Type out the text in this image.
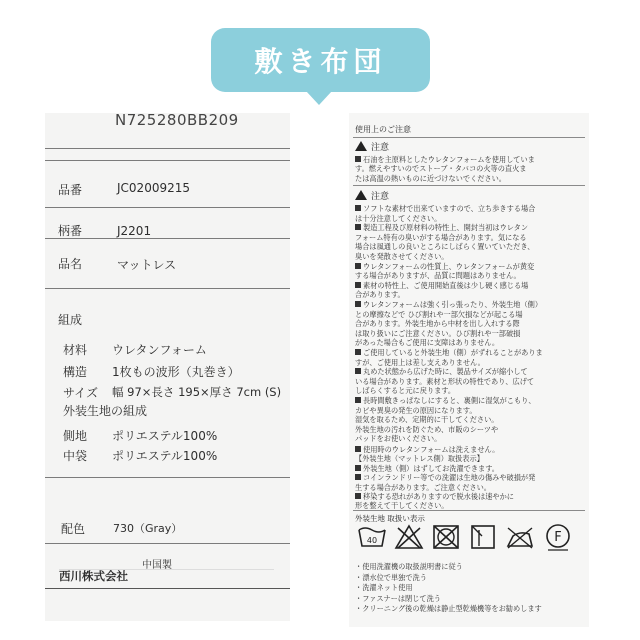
敷き布団
N725280BB209
品番	JC02009215
柄番	J2201
品名	マットレス
組成
材料 ウレタンフォーム
構造 1枚もの波形（丸巻き）
サイズ 幅 97×長さ 195×厚さ 7cm (S)
外装生地の組成
側地 ポリエステル100%
中袋 ポリエステル100%
配色	730（Gray）
中国製
西川株式会社
使用上のご注意
注意
石油を主原料としたウレタンフォームを使用していま
す。燃えやすいのでストーブ・タバコの火等の直火ま
たは高温の熱いものに近づけないでください。
注意
ソフトな素材で出来ていますので、立ち歩きする場合
は十分注意してください。
製造工程及び原材料の特性上、開封当初はウレタン
フォーム特有の臭いがする場合があります。気になる
場合は風通しの良いところにしばらく置いていただき、
臭いを発散させてください。
ウレタンフォームの性質上、ウレタンフォームが黄変
する場合がありますが、品質に問題はありません。
素材の特性上、ご使用開始直後は少し硬く感じる場
合があります。
ウレタンフォームは強く引っ張ったり、外装生地（側）
との摩擦などで ひび割れや一部欠損などが起こる場
合があります。外装生地から中材を出し入れする際
は取り扱いにご注意ください。ひび割れや一部破損
があった場合もご使用に支障はありません。
ご使用していると外装生地（側）がずれることがありま
すが、ご使用上は差し支えありません。
丸めた状態から広げた時に、製品サイズが縮小して
いる場合があります。素材と形状の特性であり、広げて
しばらくすると元に戻ります。
長時間敷きっぱなしにすると、裏側に湿気がこもり、
カビや異臭の発生の原因になります。
湿気を取るため、定期的に干してください。
外装生地の汚れを防ぐため、市販のシーツや
パッドをお使いください。
使用時のウレタンフォームは洗えません。
【外装生地（マットレス側）取扱表示】
外装生地（側）はずしてお洗濯できます。
コインランドリー等での洗濯は生地の傷みや破損が発
生する場合があります。ご注意ください。
移染する恐れがありますので脱水後は速やかに
形を整えて干してください。
外装生地 取扱い表示
40	F
・使用洗濯機の取扱説明書に従う
・漂水位で単独で洗う
・洗濯ネット使用
・ファスナーは閉じて洗う
・クリーニング後の乾燥は静止型乾燥機等をお勧めします
